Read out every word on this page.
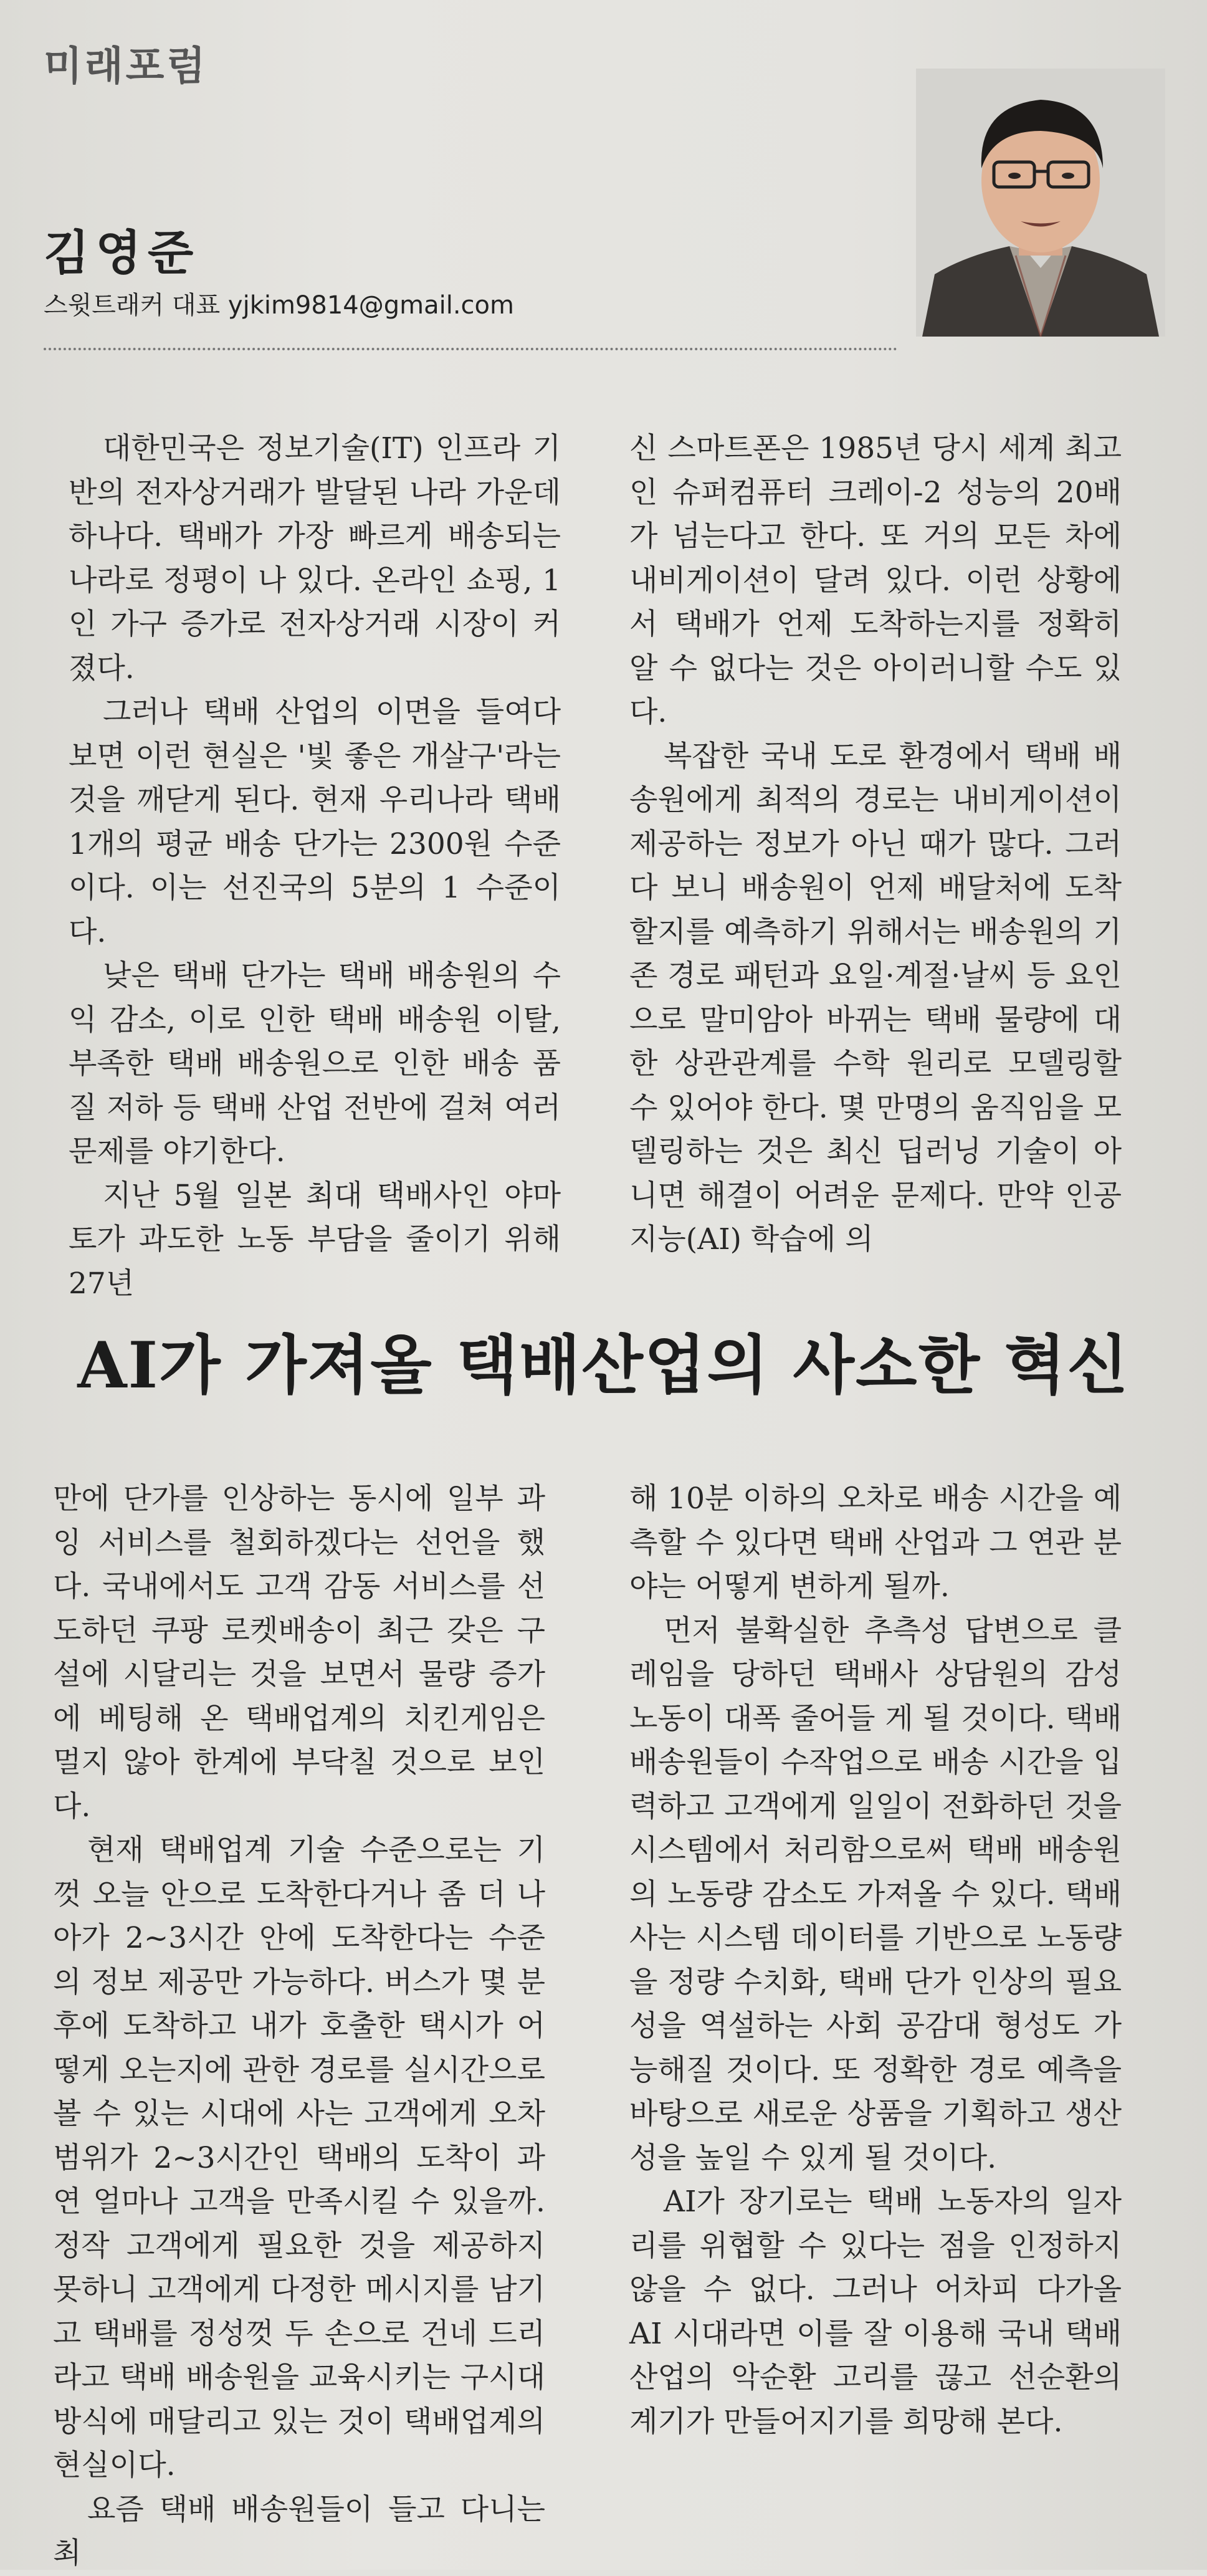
미래포럼
김영준
스윗트래커 대표 yjkim9814@gmail.com

대한민국은 정보기술(IT) 인프라 기반의 전자상거래가 발달된 나라 가운데 하나다. 택배가 가장 빠르게 배송되는 나라로 정평이 나 있다. 온라인 쇼핑, 1인 가구 증가로 전자상거래 시장이 커졌다.

그러나 택배 산업의 이면을 들여다보면 이런 현실은 '빛 좋은 개살구'라는 것을 깨닫게 된다. 현재 우리나라 택배 1개의 평균 배송 단가는 2300원 수준이다. 이는 선진국의 5분의 1 수준이다.

낮은 택배 단가는 택배 배송원의 수익 감소, 이로 인한 택배 배송원 이탈, 부족한 택배 배송원으로 인한 배송 품질 저하 등 택배 산업 전반에 걸쳐 여러 문제를 야기한다.

지난 5월 일본 최대 택배사인 야마토가 과도한 노동 부담을 줄이기 위해 27년

신 스마트폰은 1985년 당시 세계 최고인 슈퍼컴퓨터 크레이-2 성능의 20배가 넘는다고 한다. 또 거의 모든 차에 내비게이션이 달려 있다. 이런 상황에서 택배가 언제 도착하는지를 정확히 알 수 없다는 것은 아이러니할 수도 있다.

복잡한 국내 도로 환경에서 택배 배송원에게 최적의 경로는 내비게이션이 제공하는 정보가 아닌 때가 많다. 그러다 보니 배송원이 언제 배달처에 도착할지를 예측하기 위해서는 배송원의 기존 경로 패턴과 요일·계절·날씨 등 요인으로 말미암아 바뀌는 택배 물량에 대한 상관관계를 수학 원리로 모델링할 수 있어야 한다. 몇 만명의 움직임을 모델링하는 것은 최신 딥러닝 기술이 아니면 해결이 어려운 문제다. 만약 인공지능(AI) 학습에 의

AI가 가져올 택배산업의 사소한 혁신

만에 단가를 인상하는 동시에 일부 과잉 서비스를 철회하겠다는 선언을 했다. 국내에서도 고객 감동 서비스를 선도하던 쿠팡 로켓배송이 최근 갖은 구설에 시달리는 것을 보면서 물량 증가에 베팅해 온 택배업계의 치킨게임은 멀지 않아 한계에 부닥칠 것으로 보인다.

현재 택배업계 기술 수준으로는 기껏 오늘 안으로 도착한다거나 좀 더 나아가 2~3시간 안에 도착한다는 수준의 정보 제공만 가능하다. 버스가 몇 분 후에 도착하고 내가 호출한 택시가 어떻게 오는지에 관한 경로를 실시간으로 볼 수 있는 시대에 사는 고객에게 오차 범위가 2~3시간인 택배의 도착이 과연 얼마나 고객을 만족시킬 수 있을까. 정작 고객에게 필요한 것을 제공하지 못하니 고객에게 다정한 메시지를 남기고 택배를 정성껏 두 손으로 건네 드리라고 택배 배송원을 교육시키는 구시대 방식에 매달리고 있는 것이 택배업계의 현실이다.

요즘 택배 배송원들이 들고 다니는 최

해 10분 이하의 오차로 배송 시간을 예측할 수 있다면 택배 산업과 그 연관 분야는 어떻게 변하게 될까.

먼저 불확실한 추측성 답변으로 클레임을 당하던 택배사 상담원의 감성 노동이 대폭 줄어들 게 될 것이다. 택배 배송원들이 수작업으로 배송 시간을 입력하고 고객에게 일일이 전화하던 것을 시스템에서 처리함으로써 택배 배송원의 노동량 감소도 가져올 수 있다. 택배사는 시스템 데이터를 기반으로 노동량을 정량 수치화, 택배 단가 인상의 필요성을 역설하는 사회 공감대 형성도 가능해질 것이다. 또 정확한 경로 예측을 바탕으로 새로운 상품을 기획하고 생산성을 높일 수 있게 될 것이다.

AI가 장기로는 택배 노동자의 일자리를 위협할 수 있다는 점을 인정하지 않을 수 없다. 그러나 어차피 다가올 AI 시대라면 이를 잘 이용해 국내 택배 산업의 악순환 고리를 끊고 선순환의 계기가 만들어지기를 희망해 본다.
